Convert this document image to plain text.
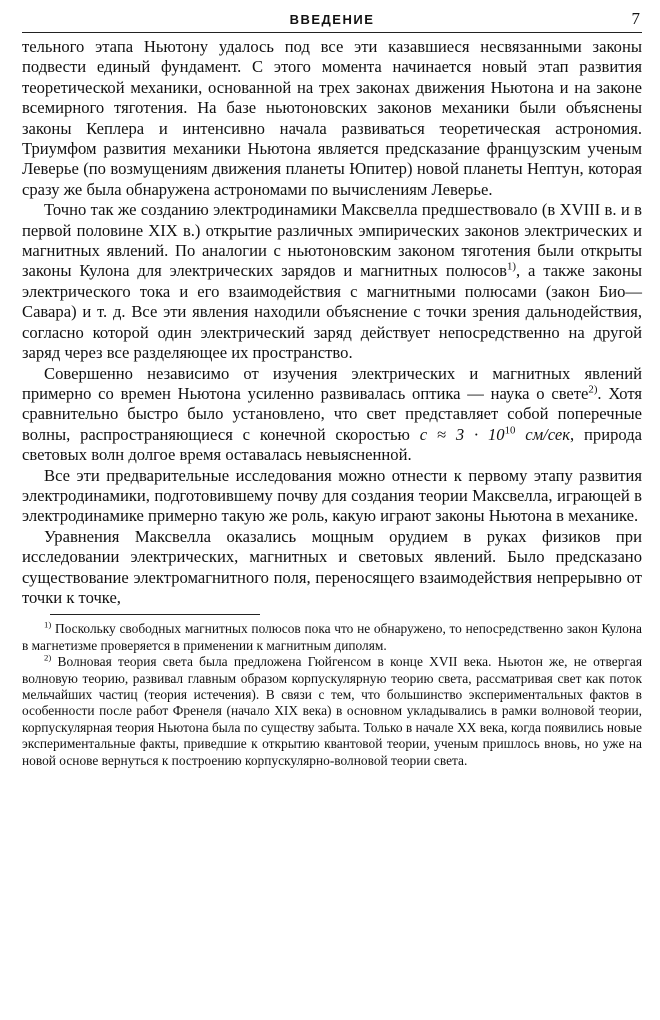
ВВЕДЕНИЕ	7

тельного этапа Ньютону удалось под все эти казавшиеся несвязанными законы подвести единый фундамент. С этого момента начинается новый этап развития теоретической механики, основанной на трех законах движения Ньютона и на законе всемирного тяготения. На базе ньютоновских законов механики были объяснены законы Кеплера и интенсивно начала развиваться теоретическая астрономия. Триумфом развития механики Ньютона является предсказание французским ученым Леверье (по возмущениям движения планеты Юпитер) новой планеты Нептун, которая сразу же была обнаружена астрономами по вычислениям Леверье.

Точно так же созданию электродинамики Максвелла предшествовало (в XVIII в. и в первой половине XIX в.) открытие различных эмпирических законов электрических и магнитных явлений. По аналогии с ньютоновским законом тяготения были открыты законы Кулона для электрических зарядов и магнитных полюсов$^{1)}$, а также законы электрического тока и его взаимодействия с магнитными полюсами (закон Био—Савара) и т. д. Все эти явления находили объяснение с точки зрения дальнодействия, согласно которой один электрический заряд действует непосредственно на другой заряд через все разделяющее их пространство.

Совершенно независимо от изучения электрических и магнитных явлений примерно со времен Ньютона усиленно развивалась оптика — наука о свете$^{2)}$. Хотя сравнительно быстро было установлено, что свет представляет собой поперечные волны, распространяющиеся с конечной скоростью $c \approx 3 \cdot 10^{10}$ см/сек, природа световых волн долгое время оставалась невыясненной.

Все эти предварительные исследования можно отнести к первому этапу развития электродинамики, подготовившему почву для создания теории Максвелла, играющей в электродинамике примерно такую же роль, какую играют законы Ньютона в механике.

Уравнения Максвелла оказались мощным орудием в руках физиков при исследовании электрических, магнитных и световых явлений. Было предсказано существование электромагнитного поля, переносящего взаимодействия непрерывно от точки к точке,

$^{1)}$ Поскольку свободных магнитных полюсов пока что не обнаружено, то непосредственно закон Кулона в магнетизме проверяется в применении к магнитным диполям.

$^{2)}$ Волновая теория света была предложена Гюйгенсом в конце XVII века. Ньютон же, не отвергая волновую теорию, развивал главным образом корпускулярную теорию света, рассматривая свет как поток мельчайших частиц (теория истечения). В связи с тем, что большинство экспериментальных фактов в особенности после работ Френеля (начало XIX века) в основном укладывались в рамки волновой теории, корпускулярная теория Ньютона была по существу забыта. Только в начале XX века, когда появились новые экспериментальные факты, приведшие к открытию квантовой теории, ученым пришлось вновь, но уже на новой основе вернуться к построению корпускулярно-волновой теории света.
